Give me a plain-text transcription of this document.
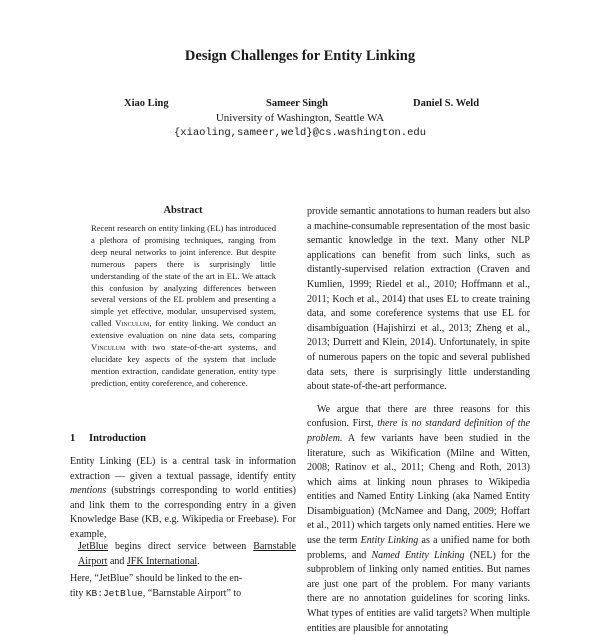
Design Challenges for Entity Linking
Xiao Ling	Sameer Singh	Daniel S. Weld
University of Washington, Seattle WA
{xiaoling,sameer,weld}@cs.washington.edu
Abstract
Recent research on entity linking (EL) has introduced a plethora of promising techniques, ranging from deep neural networks to joint inference. But despite numerous papers there is surprisingly little understanding of the state of the art in EL. We attack this confusion by analyzing differences between several versions of the EL problem and presenting a simple yet effective, modular, unsupervised system, called Vinculum, for entity linking. We conduct an extensive evaluation on nine data sets, comparing Vinculum with two state-of-the-art systems, and elucidate key aspects of the system that include mention extraction, candidate generation, entity type prediction, entity coreference, and coherence.
1 Introduction
Entity Linking (EL) is a central task in information extraction — given a textual passage, identify entity mentions (substrings corresponding to world entities) and link them to the corresponding entry in a given Knowledge Base (KB, e.g. Wikipedia or Freebase). For example,
JetBlue begins direct service between Barnstable Airport and JFK International.
Here, “JetBlue” should be linked to the en-
tity KB:JetBlue, “Barnstable Airport” to

provide semantic annotations to human readers but also a machine-consumable representation of the most basic semantic knowledge in the text. Many other NLP applications can benefit from such links, such as distantly-supervised relation extraction (Craven and Kumlien, 1999; Riedel et al., 2010; Hoffmann et al., 2011; Koch et al., 2014) that uses EL to create training data, and some coreference systems that use EL for disambiguation (Hajishirzi et al., 2013; Zheng et al., 2013; Durrett and Klein, 2014). Unfortunately, in spite of numerous papers on the topic and several published data sets, there is surprisingly little understanding about state-of-the-art performance.

We argue that there are three reasons for this confusion. First, there is no standard definition of the problem. A few variants have been studied in the literature, such as Wikification (Milne and Witten, 2008; Ratinov et al., 2011; Cheng and Roth, 2013) which aims at linking noun phrases to Wikipedia entities and Named Entity Linking (aka Named Entity Disambiguation) (McNamee and Dang, 2009; Hoffart et al., 2011) which targets only named entities. Here we use the term Entity Linking as a unified name for both problems, and Named Entity Linking (NEL) for the subproblem of linking only named entities. But names are just one part of the problem. For many variants there are no annotation guidelines for scoring links. What types of entities are valid targets? When multiple entities are plausible for annotating
